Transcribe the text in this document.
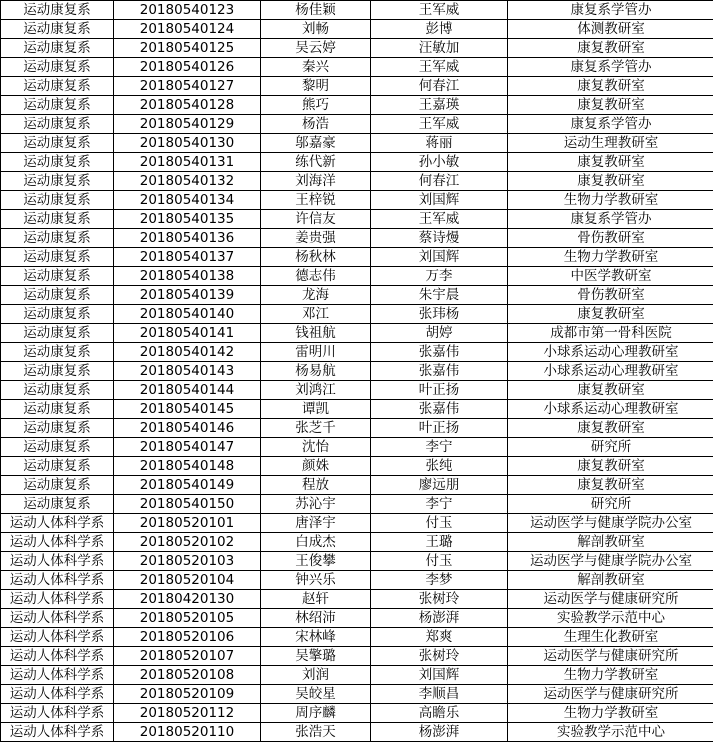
运动康复系	20180540123	杨佳颖	王军威	康复系学管办
运动康复系	20180540124	刘畅	彭博	体测教研室
运动康复系	20180540125	吴云婷	汪敏加	康复教研室
运动康复系	20180540126	秦兴	王军威	康复系学管办
运动康复系	20180540127	黎明	何春江	康复教研室
运动康复系	20180540128	熊巧	王嘉瑛	康复教研室
运动康复系	20180540129	杨浩	王军威	康复系学管办
运动康复系	20180540130	邬嘉豪	蒋丽	运动生理教研室
运动康复系	20180540131	练代新	孙小敏	康复教研室
运动康复系	20180540132	刘海洋	何春江	康复教研室
运动康复系	20180540134	王梓锐	刘国辉	生物力学教研室
运动康复系	20180540135	许信友	王军威	康复系学管办
运动康复系	20180540136	姜贵强	蔡诗熳	骨伤教研室
运动康复系	20180540137	杨秋林	刘国辉	生物力学教研室
运动康复系	20180540138	德志伟	万李	中医学教研室
运动康复系	20180540139	龙海	朱宇晨	骨伤教研室
运动康复系	20180540140	邓江	张玮杨	康复教研室
运动康复系	20180540141	钱祖航	胡婷	成都市第一骨科医院
运动康复系	20180540142	雷明川	张嘉伟	小球系运动心理教研室
运动康复系	20180540143	杨易航	张嘉伟	小球系运动心理教研室
运动康复系	20180540144	刘鸿江	叶正扬	康复教研室
运动康复系	20180540145	谭凯	张嘉伟	小球系运动心理教研室
运动康复系	20180540146	张芝千	叶正扬	康复教研室
运动康复系	20180540147	沈怡	李宁	研究所
运动康复系	20180540148	颜姝	张纯	康复教研室
运动康复系	20180540149	程放	廖远朋	康复教研室
运动康复系	20180540150	苏沁宇	李宁	研究所
运动人体科学系	20180520101	唐泽宇	付玉	运动医学与健康学院办公室
运动人体科学系	20180520102	白成杰	王璐	解剖教研室
运动人体科学系	20180520103	王俊攀	付玉	运动医学与健康学院办公室
运动人体科学系	20180520104	钟兴乐	李梦	解剖教研室
运动人体科学系	20180420130	赵轩	张树玲	运动医学与健康研究所
运动人体科学系	20180520105	林绍沛	杨澎湃	实验教学示范中心
运动人体科学系	20180520106	宋林峰	郑爽	生理生化教研室
运动人体科学系	20180520107	吴擎璐	张树玲	运动医学与健康研究所
运动人体科学系	20180520108	刘润	刘国辉	生物力学教研室
运动人体科学系	20180520109	吴皎星	李顺昌	运动医学与健康研究所
运动人体科学系	20180520112	周序麟	高瞻乐	生物力学教研室
运动人体科学系	20180520110	张浩天	杨澎湃	实验教学示范中心
